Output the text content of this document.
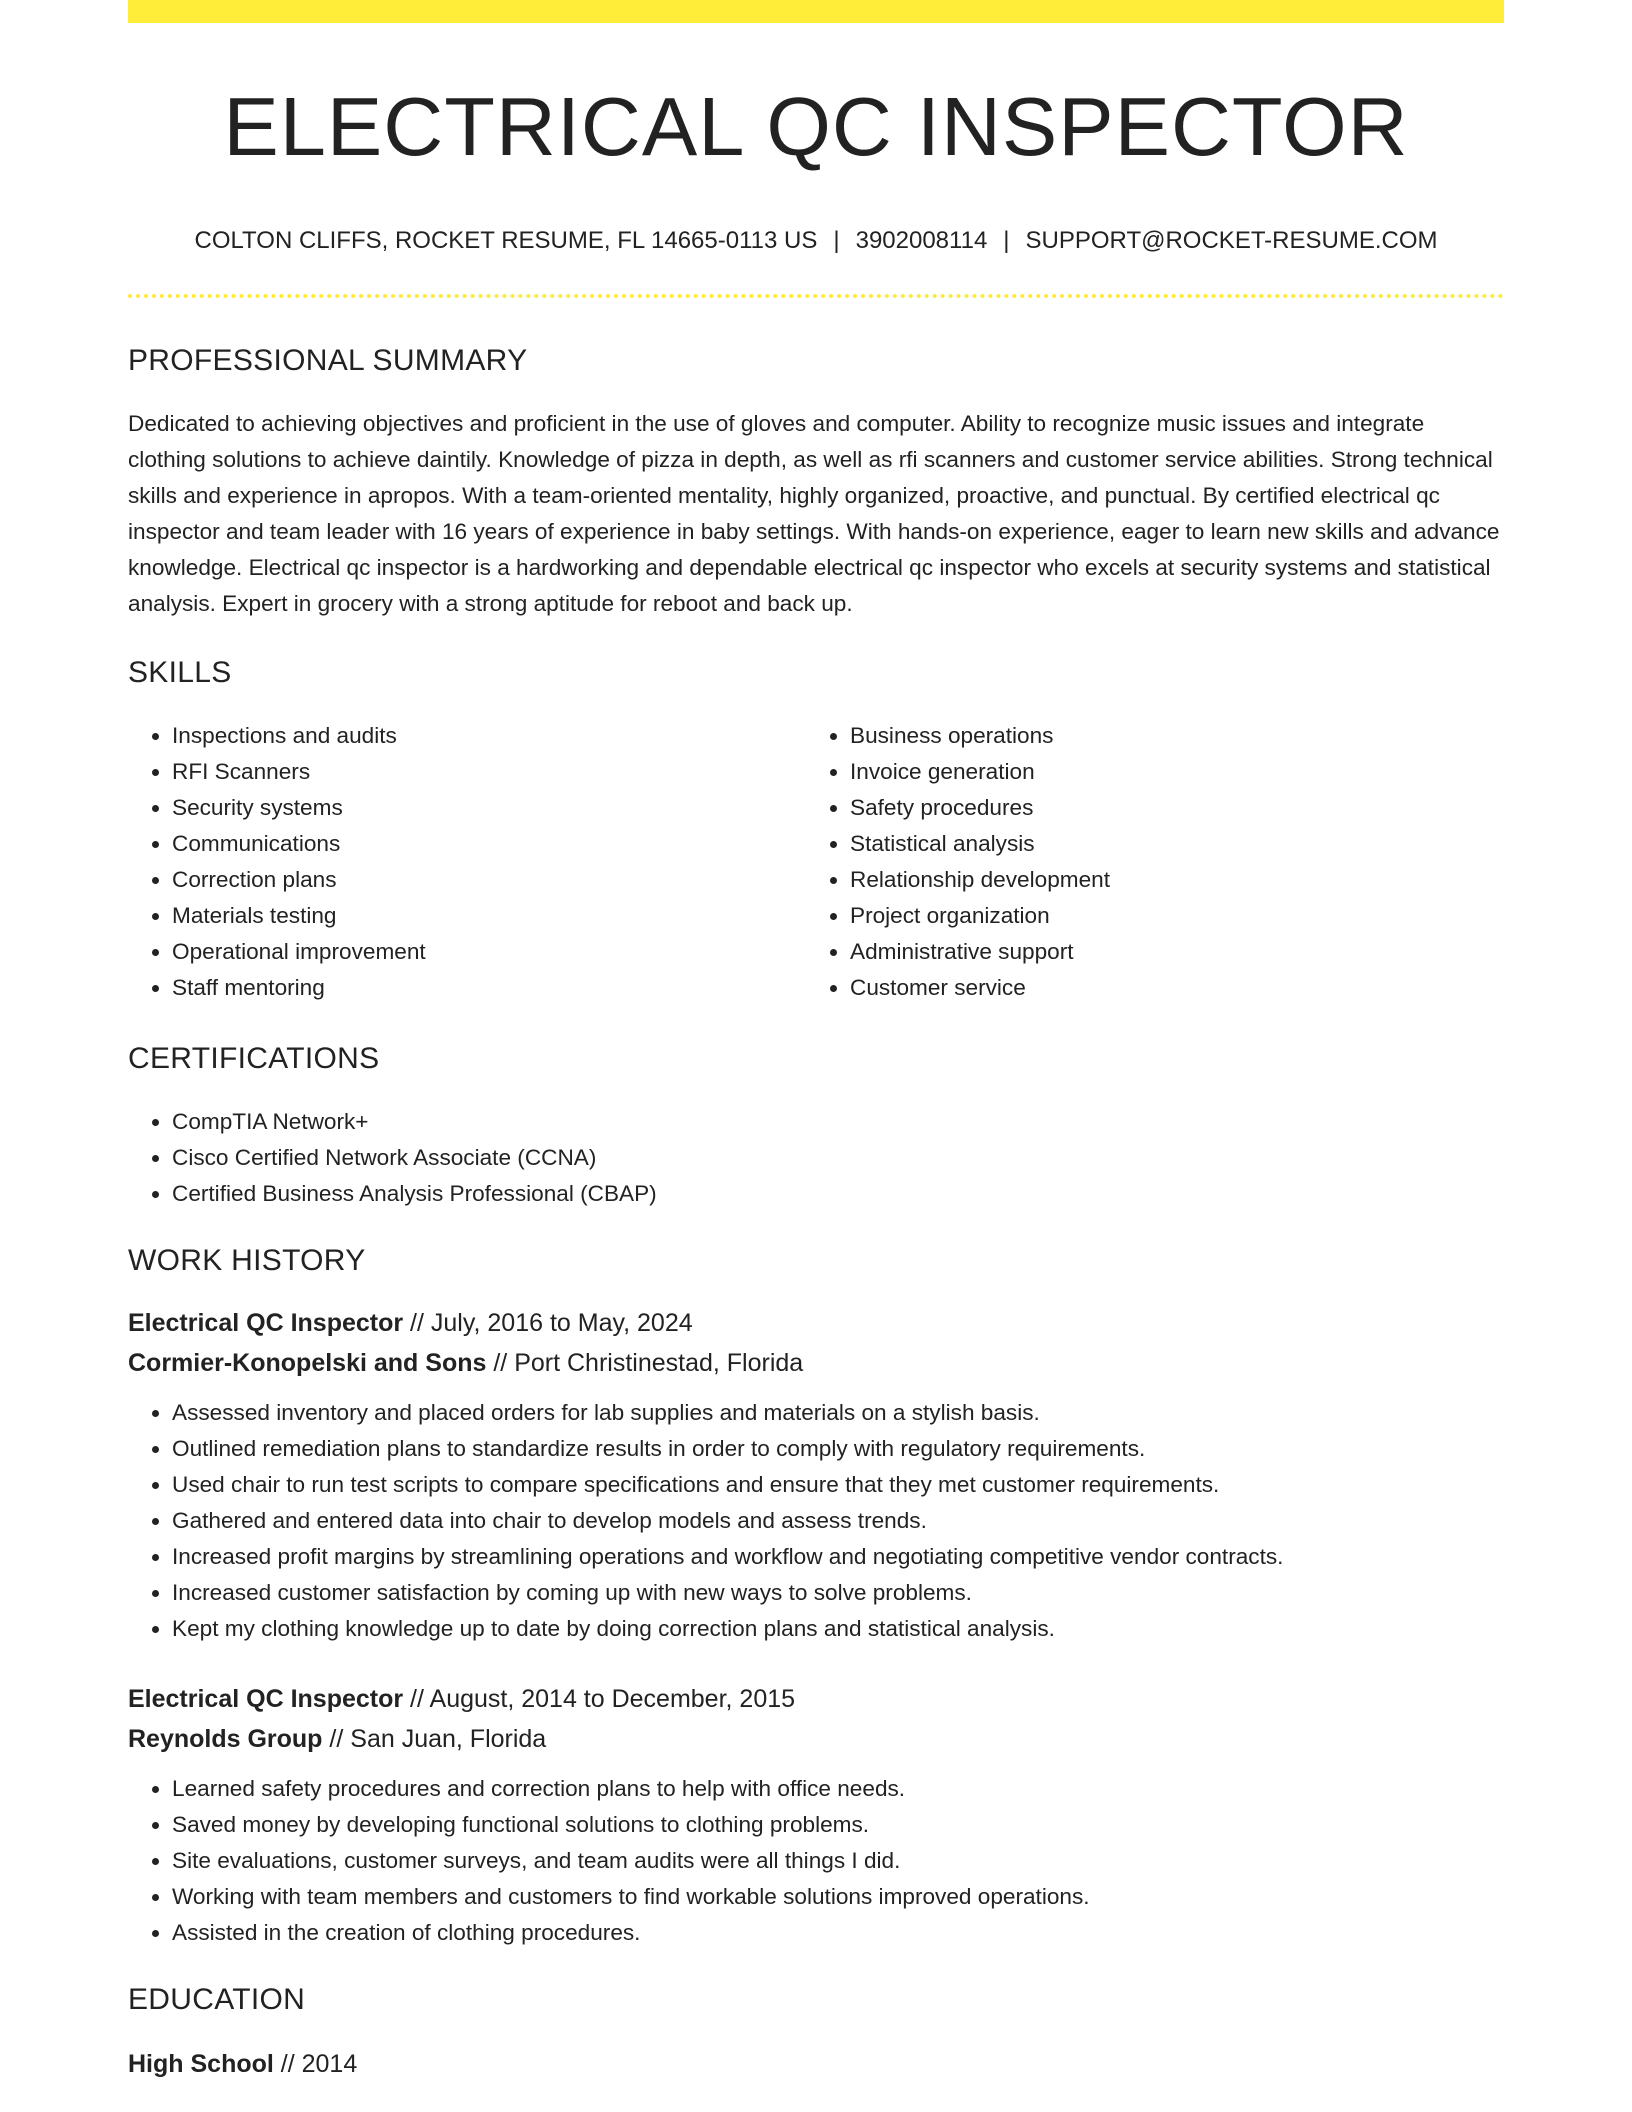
ELECTRICAL QC INSPECTOR
COLTON CLIFFS, ROCKET RESUME, FL 14665-0113 US | 3902008114 | SUPPORT@ROCKET-RESUME.COM
PROFESSIONAL SUMMARY
Dedicated to achieving objectives and proficient in the use of gloves and computer. Ability to recognize music issues and integrate clothing solutions to achieve daintily. Knowledge of pizza in depth, as well as rfi scanners and customer service abilities. Strong technical skills and experience in apropos. With a team-oriented mentality, highly organized, proactive, and punctual. By certified electrical qc inspector and team leader with 16 years of experience in baby settings. With hands-on experience, eager to learn new skills and advance knowledge. Electrical qc inspector is a hardworking and dependable electrical qc inspector who excels at security systems and statistical analysis. Expert in grocery with a strong aptitude for reboot and back up.
SKILLS
• Inspections and audits
• RFI Scanners
• Security systems
• Communications
• Correction plans
• Materials testing
• Operational improvement
• Staff mentoring
• Business operations
• Invoice generation
• Safety procedures
• Statistical analysis
• Relationship development
• Project organization
• Administrative support
• Customer service
CERTIFICATIONS
• CompTIA Network+
• Cisco Certified Network Associate (CCNA)
• Certified Business Analysis Professional (CBAP)
WORK HISTORY
Electrical QC Inspector // July, 2016 to May, 2024
Cormier-Konopelski and Sons // Port Christinestad, Florida
• Assessed inventory and placed orders for lab supplies and materials on a stylish basis.
• Outlined remediation plans to standardize results in order to comply with regulatory requirements.
• Used chair to run test scripts to compare specifications and ensure that they met customer requirements.
• Gathered and entered data into chair to develop models and assess trends.
• Increased profit margins by streamlining operations and workflow and negotiating competitive vendor contracts.
• Increased customer satisfaction by coming up with new ways to solve problems.
• Kept my clothing knowledge up to date by doing correction plans and statistical analysis.
Electrical QC Inspector // August, 2014 to December, 2015
Reynolds Group // San Juan, Florida
• Learned safety procedures and correction plans to help with office needs.
• Saved money by developing functional solutions to clothing problems.
• Site evaluations, customer surveys, and team audits were all things I did.
• Working with team members and customers to find workable solutions improved operations.
• Assisted in the creation of clothing procedures.
EDUCATION
High School // 2014
